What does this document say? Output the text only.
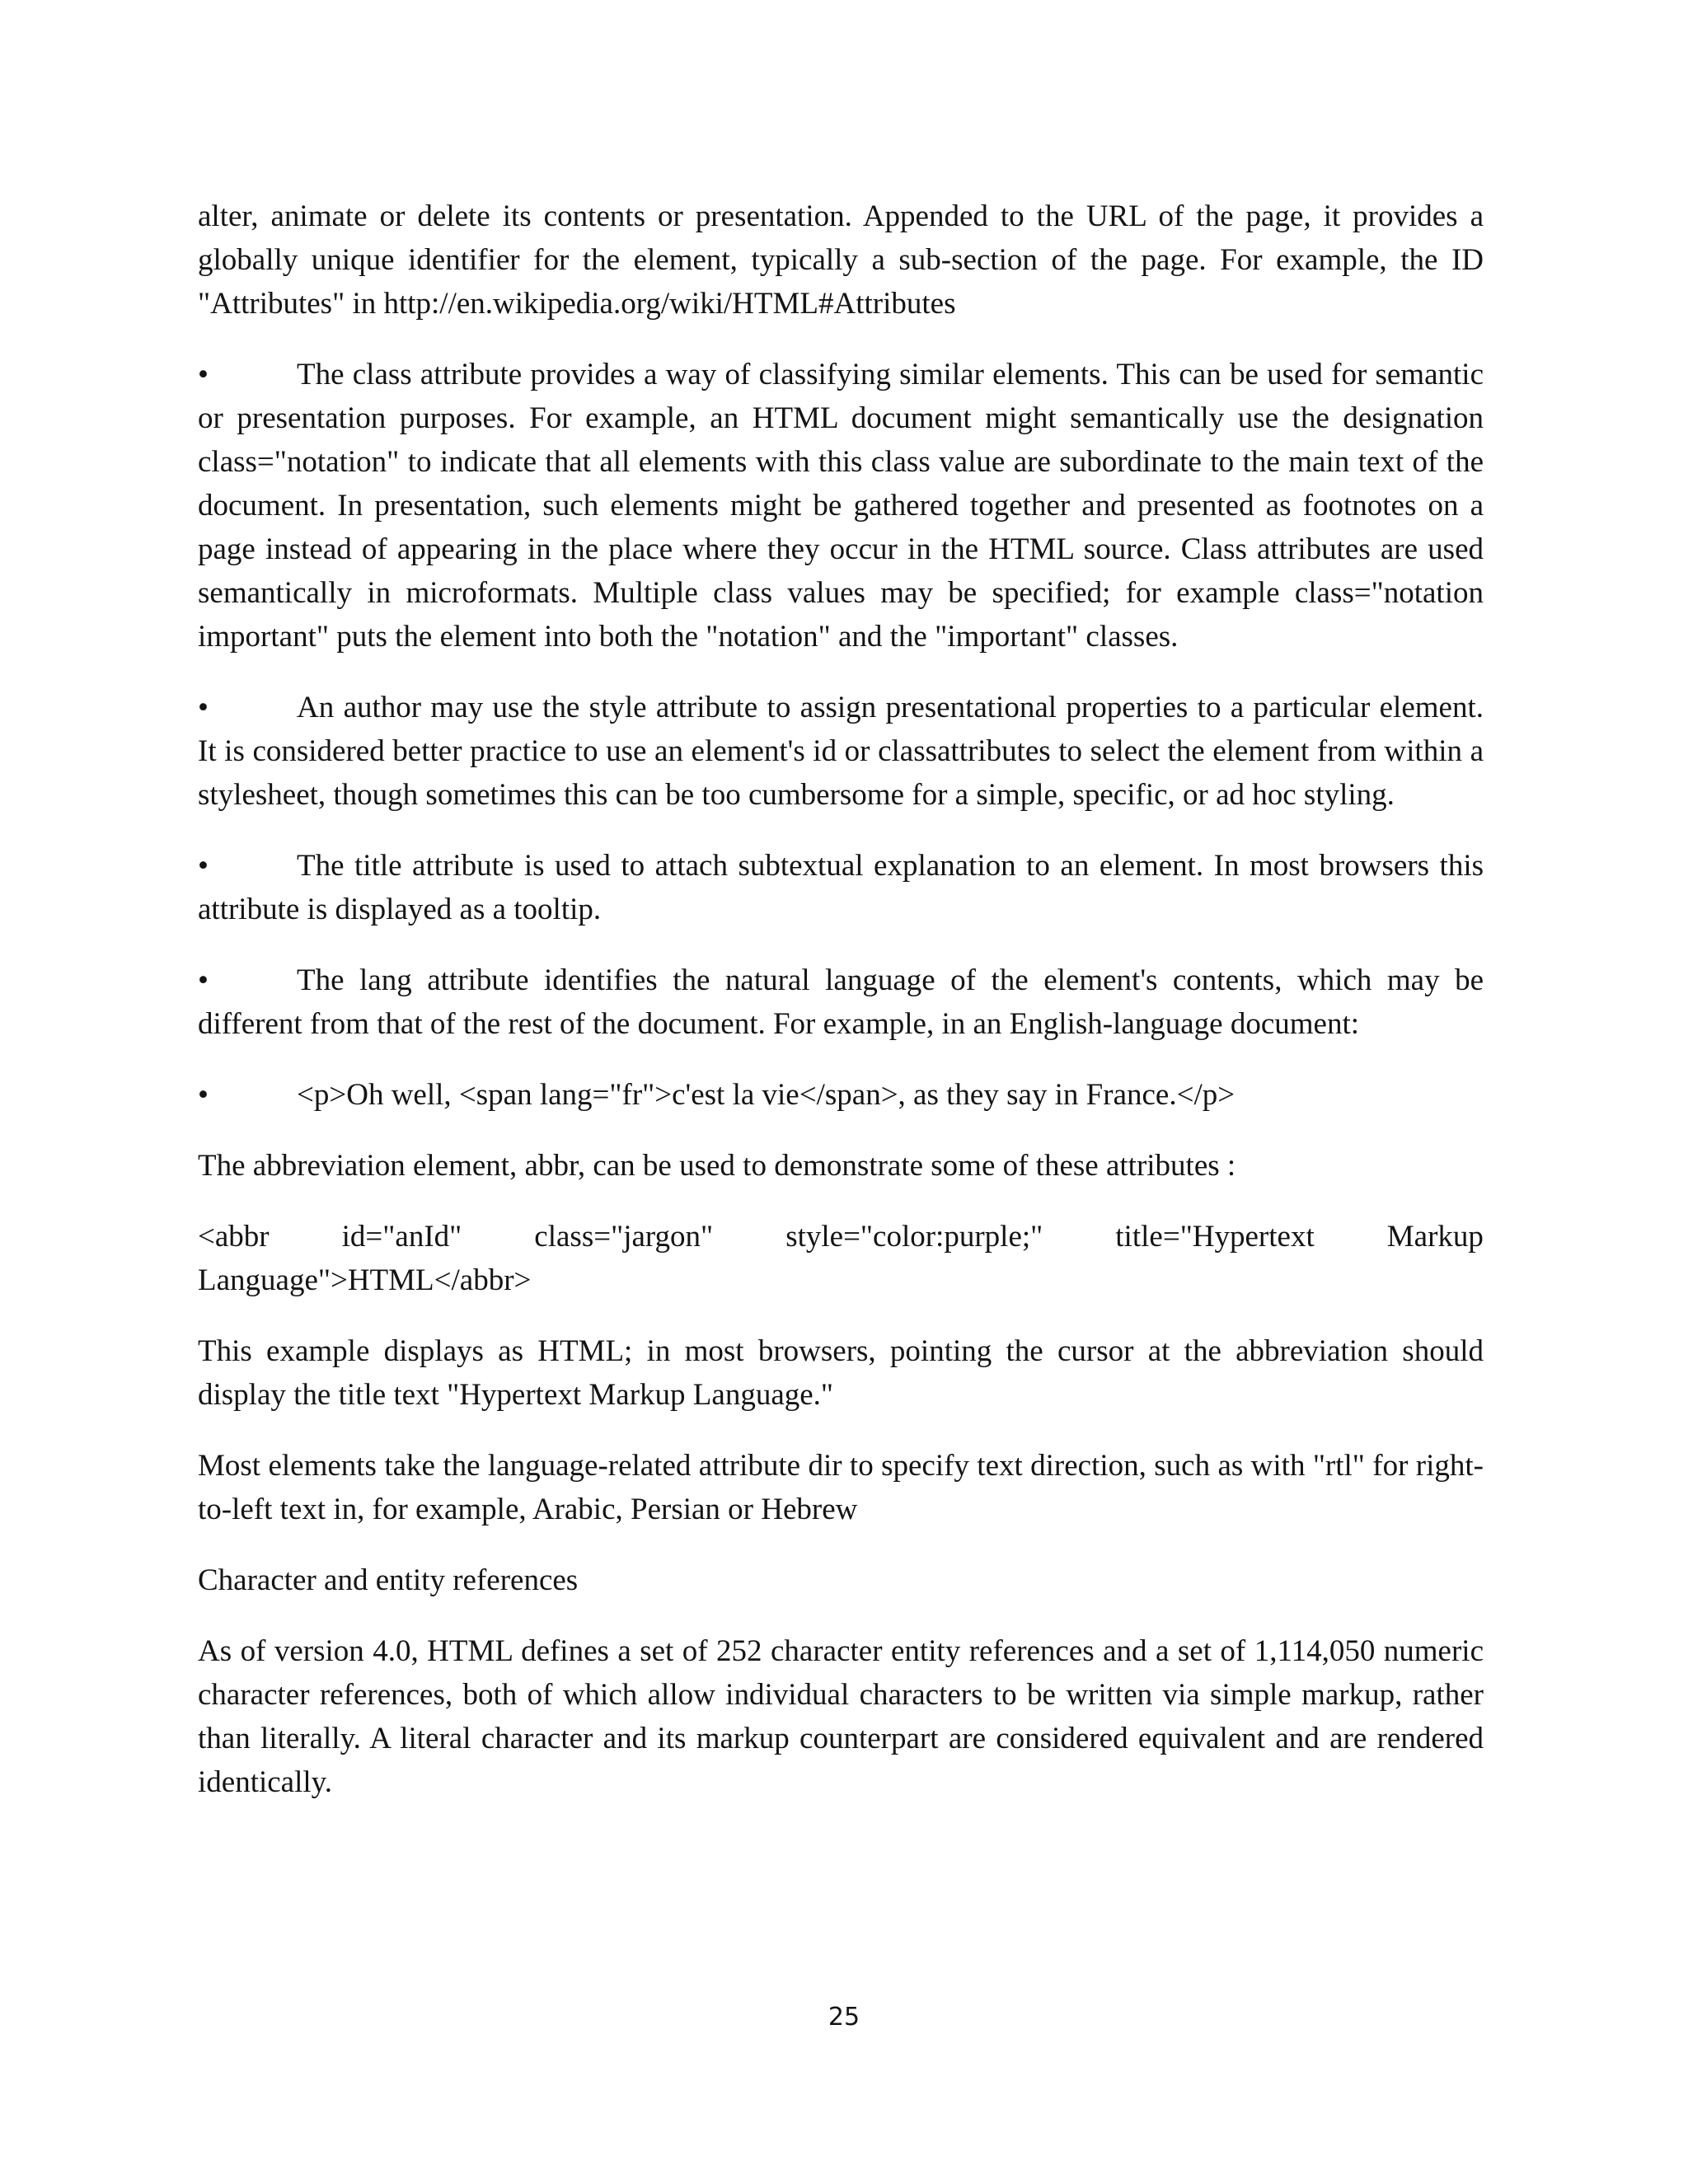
alter, animate or delete its contents or presentation. Appended to the URL of the page, it provides a globally unique identifier for the element, typically a sub-section of the page. For example, the ID "Attributes" in http://en.wikipedia.org/wiki/HTML#Attributes

•	The class attribute provides a way of classifying similar elements. This can be used for semantic or presentation purposes. For example, an HTML document might semantically use the designation class="notation" to indicate that all elements with this class value are subordinate to the main text of the document. In presentation, such elements might be gathered together and presented as footnotes on a page instead of appearing in the place where they occur in the HTML source. Class attributes are used semantically in microformats. Multiple class values may be specified; for example class="notation important" puts the element into both the "notation" and the "important" classes.

•	An author may use the style attribute to assign presentational properties to a particular element. It is considered better practice to use an element's id or classattributes to select the element from within a stylesheet, though sometimes this can be too cumbersome for a simple, specific, or ad hoc styling.

•	The title attribute is used to attach subtextual explanation to an element. In most browsers this attribute is displayed as a tooltip.

•	The lang attribute identifies the natural language of the element's contents, which may be different from that of the rest of the document. For example, in an English-language document:

•	<p>Oh well, <span lang="fr">c'est la vie</span>, as they say in France.</p>

The abbreviation element, abbr, can be used to demonstrate some of these attributes :

<abbr id="anId" class="jargon" style="color:purple;" title="Hypertext Markup

Language">HTML</abbr>

This example displays as HTML; in most browsers, pointing the cursor at the abbreviation should display the title text "Hypertext Markup Language."

Most elements take the language-related attribute dir to specify text direction, such as with "rtl" for right-to-left text in, for example, Arabic, Persian or Hebrew

Character and entity references

As of version 4.0, HTML defines a set of 252 character entity references and a set of 1,114,050 numeric character references, both of which allow individual characters to be written via simple markup, rather than literally. A literal character and its markup counterpart are considered equivalent and are rendered identically.

25
